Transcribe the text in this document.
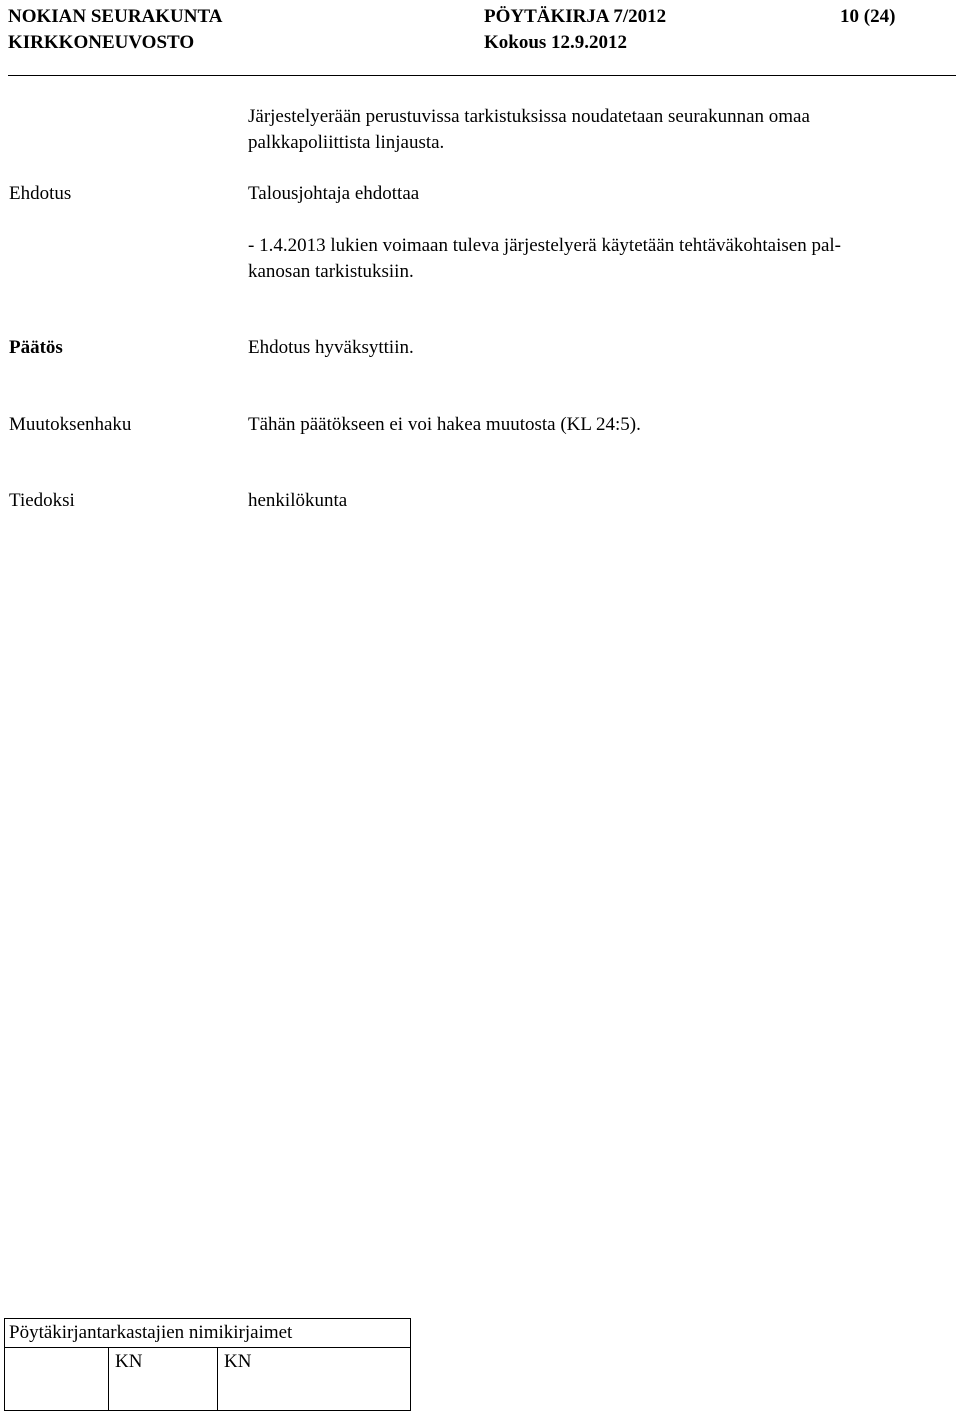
NOKIAN SEURAKUNTA	PÖYTÄKIRJA 7/2012	10 (24)
KIRKKONEUVOSTO	Kokous 12.9.2012
Järjestelyerään perustuvissa tarkistuksissa noudatetaan seurakunnan omaa
palkkapoliittista linjausta.
Ehdotus	Talousjohtaja ehdottaa
- 1.4.2013 lukien voimaan tuleva järjestelyerä käytetään tehtäväkohtaisen pal-
kanosan tarkistuksiin.
Päätös	Ehdotus hyväksyttiin.
Muutoksenhaku	Tähän päätökseen ei voi hakea muutosta (KL 24:5).
Tiedoksi	henkilökunta
Pöytäkirjantarkastajien nimikirjaimet
	KN	KN
